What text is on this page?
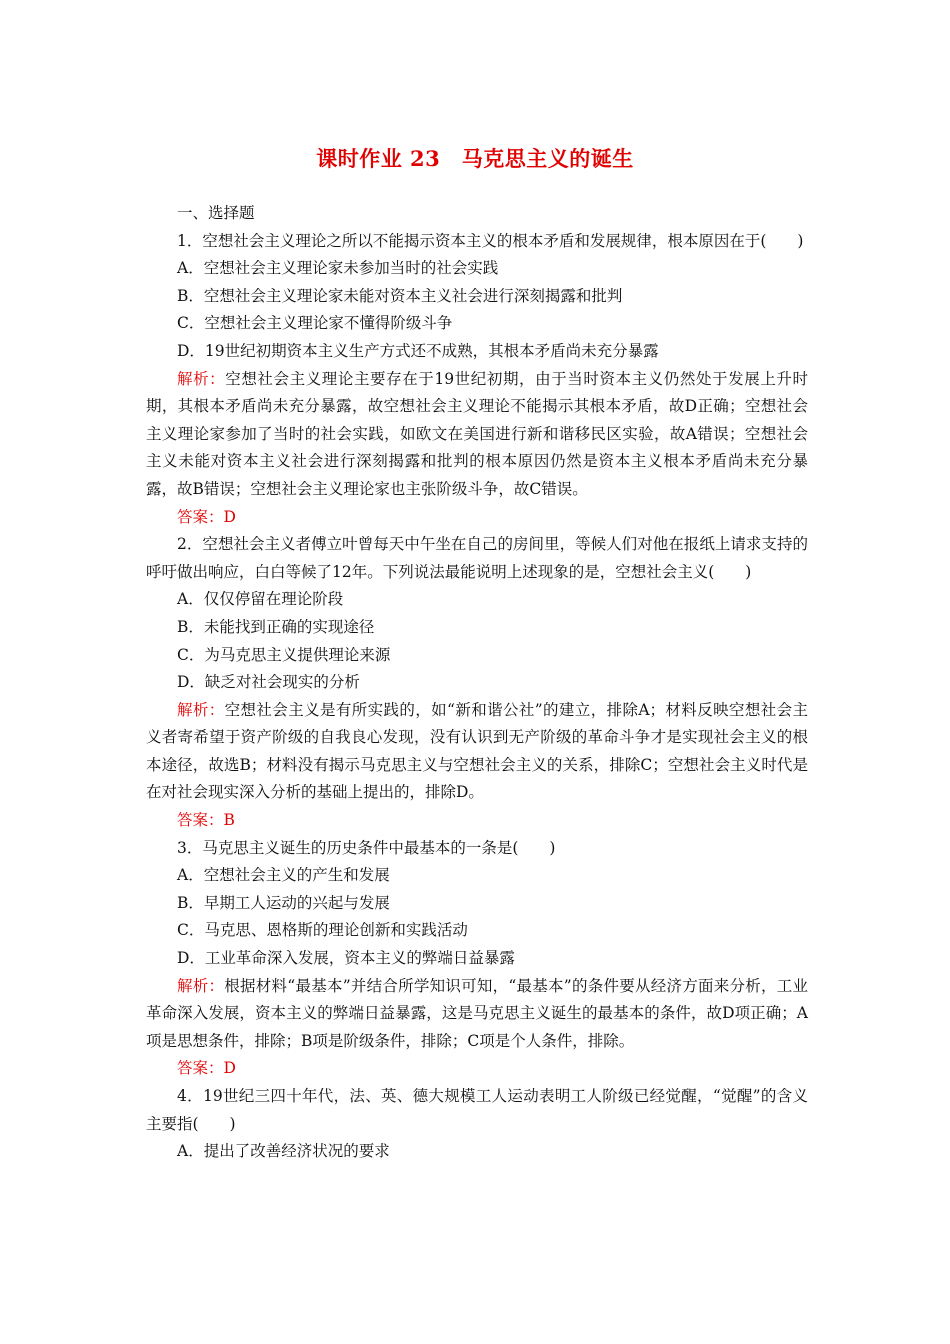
课时作业 23　马克思主义的诞生

一、选择题

1．空想社会主义理论之所以不能揭示资本主义的根本矛盾和发展规律，根本原因在于(　　)

A．空想社会主义理论家未参加当时的社会实践

B．空想社会主义理论家未能对资本主义社会进行深刻揭露和批判

C．空想社会主义理论家不懂得阶级斗争

D．19世纪初期资本主义生产方式还不成熟，其根本矛盾尚未充分暴露

解析：空想社会主义理论主要存在于19世纪初期，由于当时资本主义仍然处于发展上升时期，其根本矛盾尚未充分暴露，故空想社会主义理论不能揭示其根本矛盾，故D正确；空想社会主义理论家参加了当时的社会实践，如欧文在美国进行新和谐移民区实验，故A错误；空想社会主义未能对资本主义社会进行深刻揭露和批判的根本原因仍然是资本主义根本矛盾尚未充分暴露，故B错误；空想社会主义理论家也主张阶级斗争，故C错误。

答案：D

2．空想社会主义者傅立叶曾每天中午坐在自己的房间里，等候人们对他在报纸上请求支持的呼吁做出响应，白白等候了12年。下列说法最能说明上述现象的是，空想社会主义(　　)

A．仅仅停留在理论阶段

B．未能找到正确的实现途径

C．为马克思主义提供理论来源

D．缺乏对社会现实的分析

解析：空想社会主义是有所实践的，如“新和谐公社”的建立，排除A；材料反映空想社会主义者寄希望于资产阶级的自我良心发现，没有认识到无产阶级的革命斗争才是实现社会主义的根本途径，故选B；材料没有揭示马克思主义与空想社会主义的关系，排除C；空想社会主义时代是在对社会现实深入分析的基础上提出的，排除D。

答案：B

3．马克思主义诞生的历史条件中最基本的一条是(　　)

A．空想社会主义的产生和发展

B．早期工人运动的兴起与发展

C．马克思、恩格斯的理论创新和实践活动

D．工业革命深入发展，资本主义的弊端日益暴露

解析：根据材料“最基本”并结合所学知识可知，“最基本”的条件要从经济方面来分析，工业革命深入发展，资本主义的弊端日益暴露，这是马克思主义诞生的最基本的条件，故D项正确；A项是思想条件，排除；B项是阶级条件，排除；C项是个人条件，排除。

答案：D

4．19世纪三四十年代，法、英、德大规模工人运动表明工人阶级已经觉醒，“觉醒”的含义主要指(　　)

A．提出了改善经济状况的要求
